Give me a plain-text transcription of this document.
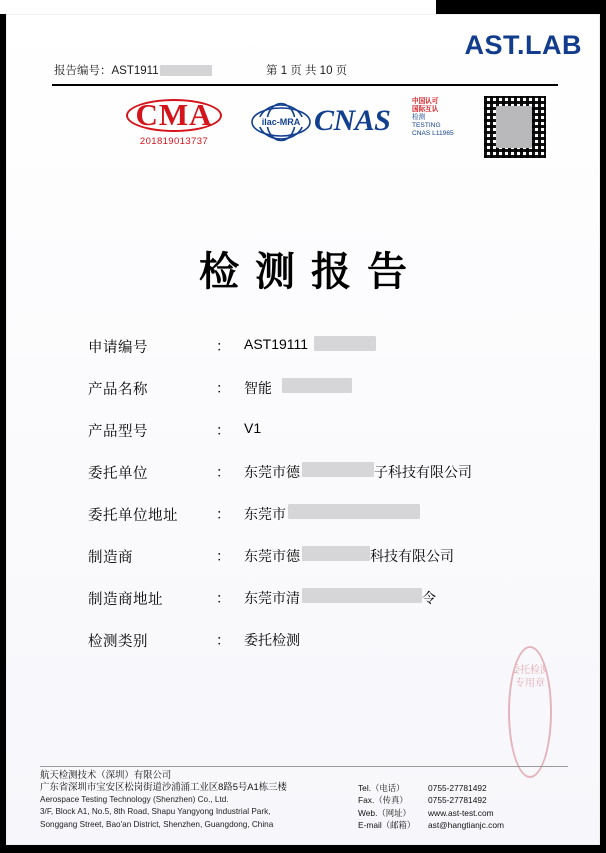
AST.LAB
报告编号：AST1911	第 1 页 共 10 页
CMA
201819013737
ilac-MRA CNAS
中国认可
国际互认
检测
TESTING
CNAS L11965
检测报告
申请编号	： AST19111
产品名称	： 智能
产品型号	： V1
委托单位	： 东莞市德	子科技有限公司
委托单位地址	： 东莞市
制造商	： 东莞市德	科技有限公司
制造商地址	： 东莞市清	令
检测类别	： 委托检测
委托检测专用章
航天检测技术（深圳）有限公司
广东省深圳市宝安区松岗街道沙浦涌工业区8路5号A1栋三楼
Aerospace Testing Technology (Shenzhen) Co., Ltd.
3/F, Block A1, No.5, 8th Road, Shapu Yangyong Industrial Park,
Songgang Street, Bao'an District, Shenzhen, Guangdong, China
Tel.（电话）	0755-27781492
Fax.（传真） 0755-27781492
Web.（网址） www.ast-test.com
E-mail（邮箱） ast@hangtianjc.com
